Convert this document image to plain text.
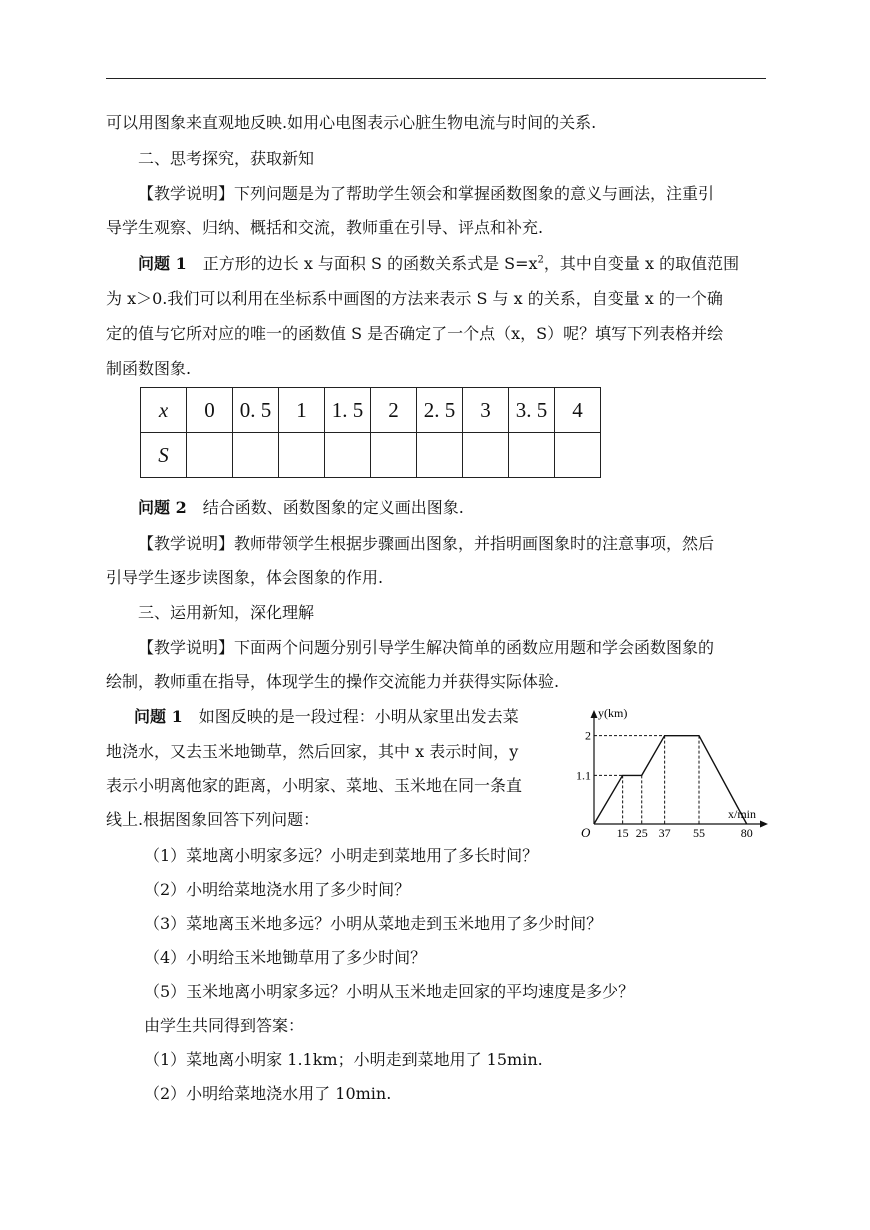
可以用图象来直观地反映.如用心电图表示心脏生物电流与时间的关系.
二、思考探究，获取新知
【教学说明】下列问题是为了帮助学生领会和掌握函数图象的意义与画法，注重引
导学生观察、归纳、概括和交流，教师重在引导、评点和补充.
问题 1　 正方形的边长 x 与面积 S 的函数关系式是 $S=x^2$，其中自变量 x 的取值范围
为 x＞0.我们可以利用在坐标系中画图的方法来表示 S 与 x 的关系，自变量 x 的一个确
定的值与它所对应的唯一的函数值 S 是否确定了一个点（x，S）呢？填写下列表格并绘
制函数图象.
x	0	0. 5	1	1. 5	2	2. 5	3	3. 5	4
S									
问题 2　 结合函数、函数图象的定义画出图象.
【教学说明】教师带领学生根据步骤画出图象，并指明画图象时的注意事项，然后
引导学生逐步读图象，体会图象的作用.
三、运用新知，深化理解
【教学说明】下面两个问题分别引导学生解决简单的函数应用题和学会函数图象的
绘制，教师重在指导，体现学生的操作交流能力并获得实际体验.
问题 1　 如图反映的是一段过程：小明从家里出发去菜
地浇水，又去玉米地锄草，然后回家，其中 x 表示时间，y
表示小明离他家的距离，小明家、菜地、玉米地在同一条直
线上.根据图象回答下列问题：
1.1
2
15 25 37 55	80
y(km)
x/min
O
（1）菜地离小明家多远？小明走到菜地用了多长时间？
（2）小明给菜地浇水用了多少时间？
（3）菜地离玉米地多远？小明从菜地走到玉米地用了多少时间？
（4）小明给玉米地锄草用了多少时间？
（5）玉米地离小明家多远？小明从玉米地走回家的平均速度是多少？
由学生共同得到答案：
（1）菜地离小明家 1.1km；小明走到菜地用了 15min.
（2）小明给菜地浇水用了 10min.
